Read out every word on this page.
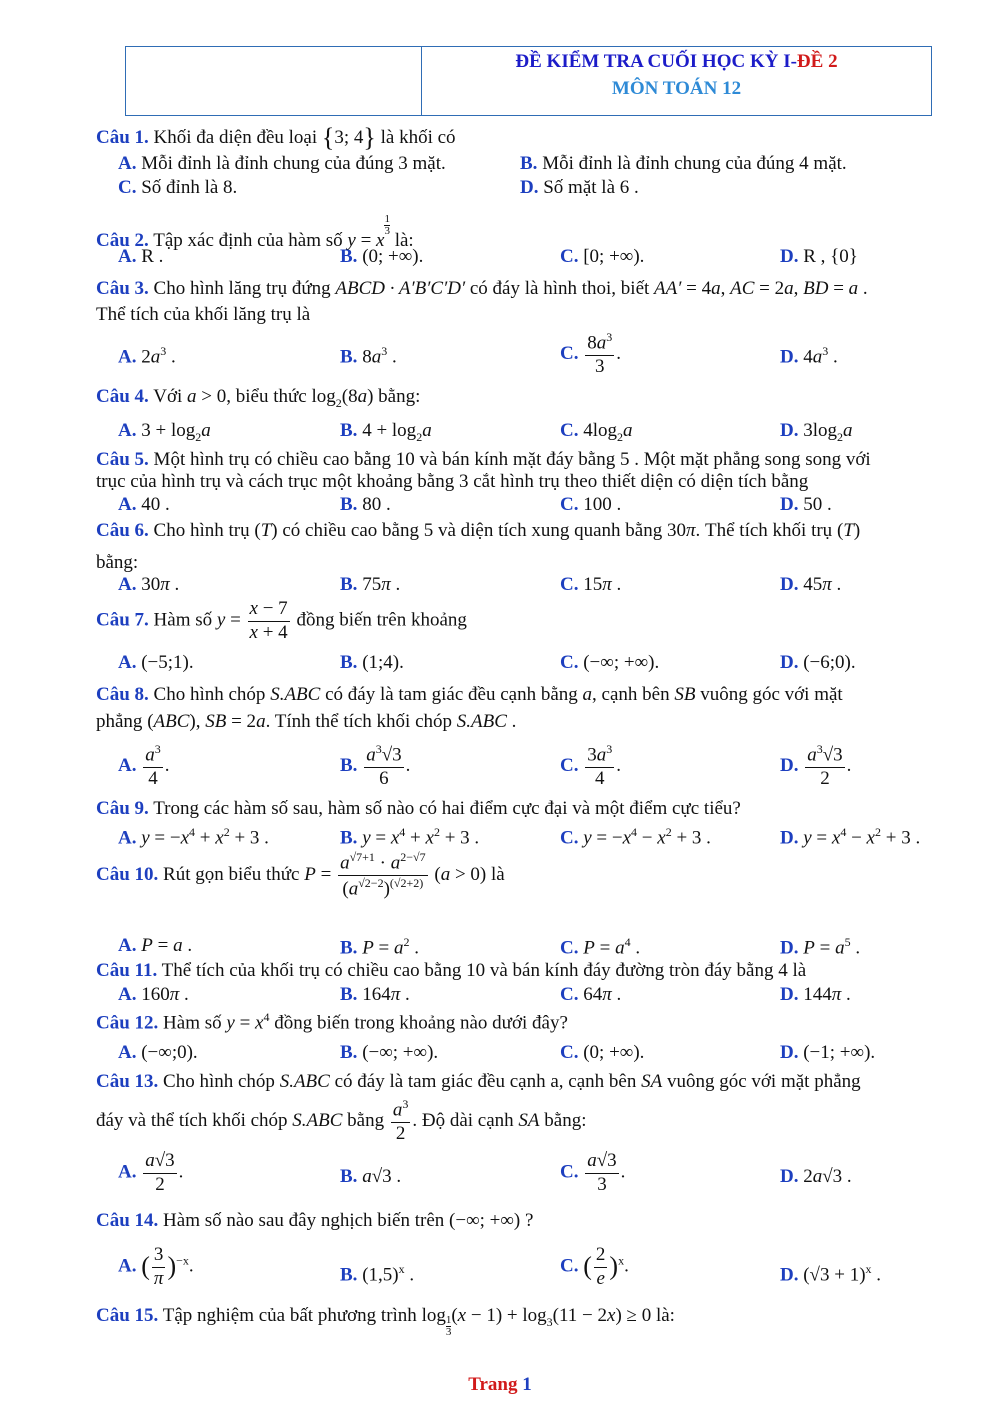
ĐỀ KIỂM TRA CUỐI HỌC KỲ I-ĐỀ 2
MÔN TOÁN 12
Câu 1. Khối đa diện đều loại {3; 4} là khối có
A. Mỗi đỉnh là đỉnh chung của đúng 3 mặt.	B. Mỗi đỉnh là đỉnh chung của đúng 4 mặt.
C. Số đỉnh là 8.	D. Số mặt là 6 .
Câu 2. Tập xác định của hàm số y = x
$\frac{1}{3}$ là:
A. R .	B. (0; +∞).	C. [0; +∞).	D. R , {0}
Câu 3. Cho hình lăng trụ đứng ABCD · A′B′C′D′ có đáy là hình thoi, biết AA′ = 4a, AC = 2a, BD = a .
Thể tích của khối lăng trụ là
A. $2a^3$ .	B. $8a^3$ .	C. $\frac{8a^3}{3}$ .	D. $4a^3$ .
Câu 4. Với a > 0, biểu thức $\log_2(8a)$ bằng:
A. $3 + \log_2a$	B. $4 + \log_2a$	C. $4\log_2a$	D. $3\log_2a$
Câu 5. Một hình trụ có chiều cao bằng 10 và bán kính mặt đáy bằng 5 . Một mặt phẳng song song với
trục của hình trụ và cách trục một khoảng bằng 3 cắt hình trụ theo thiết diện có diện tích bằng
A. 40 .	B. 80 .	C. 100 .	D. 50 .
Câu 6. Cho hình trụ (T) có chiều cao bằng 5 và diện tích xung quanh bằng 30π. Thể tích khối trụ (T)
bằng:
A. 30π .	B. 75π .	C. 15π .	D. 45π .
Câu 7. Hàm số $y = \frac{x - 7}{x + 4}$ đồng biến trên khoảng
A. (−5;1).	B. (1;4).	C. (−∞; +∞).	D. (−6;0).
Câu 8. Cho hình chóp S.ABC có đáy là tam giác đều cạnh bằng a, cạnh bên SB vuông góc với mặt
phẳng (ABC), SB = 2a. Tính thể tích khối chóp S.ABC .
A. $\frac{a^3}{4}$ .	B. $\frac{a^3√3}{6}$ .	C. $\frac{3a^3}{4}$ .	D. $\frac{a^3√3}{2}$ .
Câu 9. Trong các hàm số sau, hàm số nào có hai điểm cực đại và một điểm cực tiểu?
A. $y = -x^4 + x^2 + 3$ .	B. $y = x^4 + x^2 + 3$ .	C. $y = -x^4 - x^2 + 3$ .	D. $y = x^4 - x^2 + 3$ .
Câu 10. Rút gọn biểu thức $P = \frac{a^{√7+1} \cdot a^{2-√7}}{(a^{√2-2})^{(√2+2)}} (a > 0)$ là
A. P = a .	B. $P = a^2$ .	C. $P = a^4$ .	D. $P = a^5$ .
Câu 11. Thể tích của khối trụ có chiều cao bằng 10 và bán kính đáy đường tròn đáy bằng 4 là
A. 160π .	B. 164π .	C. 64π .	D. 144π .
Câu 12. Hàm số $y = x^4$ đồng biến trong khoảng nào dưới đây?
A. (−∞;0).	B. (−∞; +∞).	C. (0; +∞).	D. (−1; +∞).
Câu 13. Cho hình chóp S.ABC có đáy là tam giác đều cạnh a, cạnh bên SA vuông góc với mặt phẳng
đáy và thể tích khối chóp S.ABC bằng $\frac{a^3}{2}$ . Độ dài cạnh SA bằng:
A. $\frac{a√3}{2}$ .	B. a√3 .	C. $\frac{a√3}{3}$ .	D. 2a√3 .
Câu 14. Hàm số nào sau đây nghịch biến trên (−∞; +∞) ?
A. ( $\frac{3}{\pi} )^{-x}$.	B. $(1,5)^x$ .	C. ( $\frac{2}{e} )^x$.	D. $(√3 + 1)^x$ .
Câu 15. Tập nghiệm của bất phương trình $\log \frac{1}{3}(x - 1) + \log_3(11 - 2x) \ge 0$ là:
Trang 1
